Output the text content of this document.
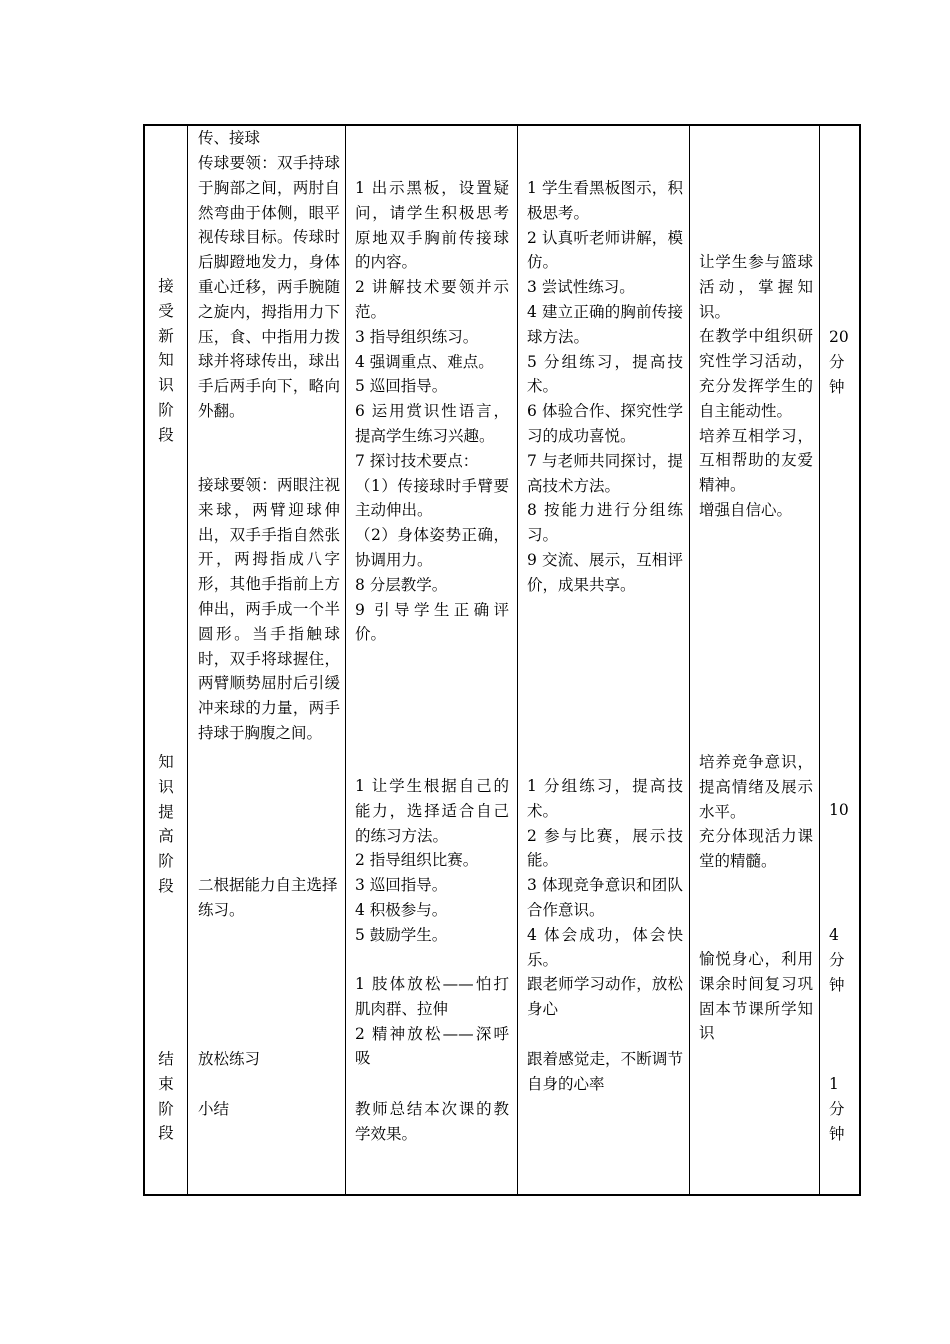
接
受
新
知
识
阶
段
知
识
提
高
阶
段
结
束
阶
段

传、接球

传球要领：双手持球于胸部之间，两肘自然弯曲于体侧，眼平视传球目标。传球时后脚蹬地发力，身体重心迁移，两手腕随之旋内，拇指用力下压，食、中指用力拨球并将球传出，球出手后两手向下，略向外翻。

接球要领：两眼注视来球，两臂迎球伸出，双手手指自然张开，两拇指成八字形，其他手指前上方伸出，两手成一个半圆形。当手指触球时，双手将球握住，两臂顺势屈肘后引缓冲来球的力量，两手持球于胸腹之间。

二根据能力自主选择练习。

放松练习

小结

1 出示黑板，设置疑问，请学生积极思考原地双手胸前传接球的内容。
2 讲解技术要领并示范。
3 指导组织练习。
4 强调重点、难点。
5 巡回指导。
6 运用赏识性语言，提高学生练习兴趣。
7 探讨技术要点：
（1）传接球时手臂要主动伸出。
（2）身体姿势正确，协调用力。
8 分层教学。
9 引导学生正确评价。
1 让学生根据自己的能力，选择适合自己的练习方法。
2 指导组织比赛。
3 巡回指导。
4 积极参与。
5 鼓励学生。
1 肢体放松——怕打肌肉群、拉伸
2 精神放松——深呼吸

教师总结本次课的教学效果。

1 学生看黑板图示，积极思考。
2 认真听老师讲解，模仿。
3 尝试性练习。
4 建立正确的胸前传接球方法。
5 分组练习，提高技术。
6 体验合作、探究性学习的成功喜悦。
7 与老师共同探讨，提高技术方法。
8 按能力进行分组练习。
9 交流、展示，互相评价，成果共享。
1 分组练习，提高技术。
2 参与比赛，展示技能。
3 体现竞争意识和团队合作意识。
4 体会成功，体会快乐。

跟老师学习动作，放松身心

跟着感觉走，不断调节自身的心率

让学生参与篮球活动，掌握知识。
在教学中组织研究性学习活动，充分发挥学生的自主能动性。
培养互相学习，互相帮助的友爱精神。
增强自信心。
培养竞争意识，提高情绪及展示水平。
充分体现活力课堂的精髓。

愉悦身心，利用课余时间复习巩固本节课所学知识

20
分
钟
10
4
分
钟
1
分
钟
